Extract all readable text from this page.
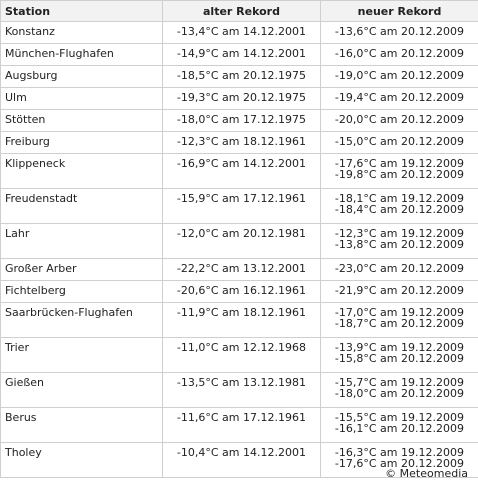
Station	alter Rekord	neuer Rekord
Konstanz	-13,4°C am 14.12.2001	-13,6°C am 20.12.2009

München-Flughafen	-14,9°C am 14.12.2001	-16,0°C am 20.12.2009

Augsburg	-18,5°C am 20.12.1975	-19,0°C am 20.12.2009

Ulm	-19,3°C am 20.12.1975	-19,4°C am 20.12.2009

Stötten	-18,0°C am 17.12.1975	-20,0°C am 20.12.2009

Freiburg	-12,3°C am 18.12.1961	-15,0°C am 20.12.2009

Klippeneck	-16,9°C am 14.12.2001	-17,6°C am 19.12.2009
-19,8°C am 20.12.2009

Freudenstadt	-15,9°C am 17.12.1961	-18,1°C am 19.12.2009
-18,4°C am 20.12.2009

Lahr	-12,0°C am 20.12.1981	-12,3°C am 19.12.2009
-13,8°C am 20.12.2009

Großer Arber	-22,2°C am 13.12.2001	-23,0°C am 20.12.2009

Fichtelberg	-20,6°C am 16.12.1961	-21,9°C am 20.12.2009

Saarbrücken-Flughafen	-11,9°C am 18.12.1961	-17,0°C am 19.12.2009
-18,7°C am 20.12.2009

Trier	-11,0°C am 12.12.1968	-13,9°C am 19.12.2009
-15,8°C am 20.12.2009

Gießen	-13,5°C am 13.12.1981	-15,7°C am 19.12.2009
-18,0°C am 20.12.2009

Berus	-11,6°C am 17.12.1961	-15,5°C am 19.12.2009
-16,1°C am 20.12.2009

Tholey	-10,4°C am 14.12.2001	-16,3°C am 19.12.2009
-17,6°C am 20.12.2009
© Meteomedia
